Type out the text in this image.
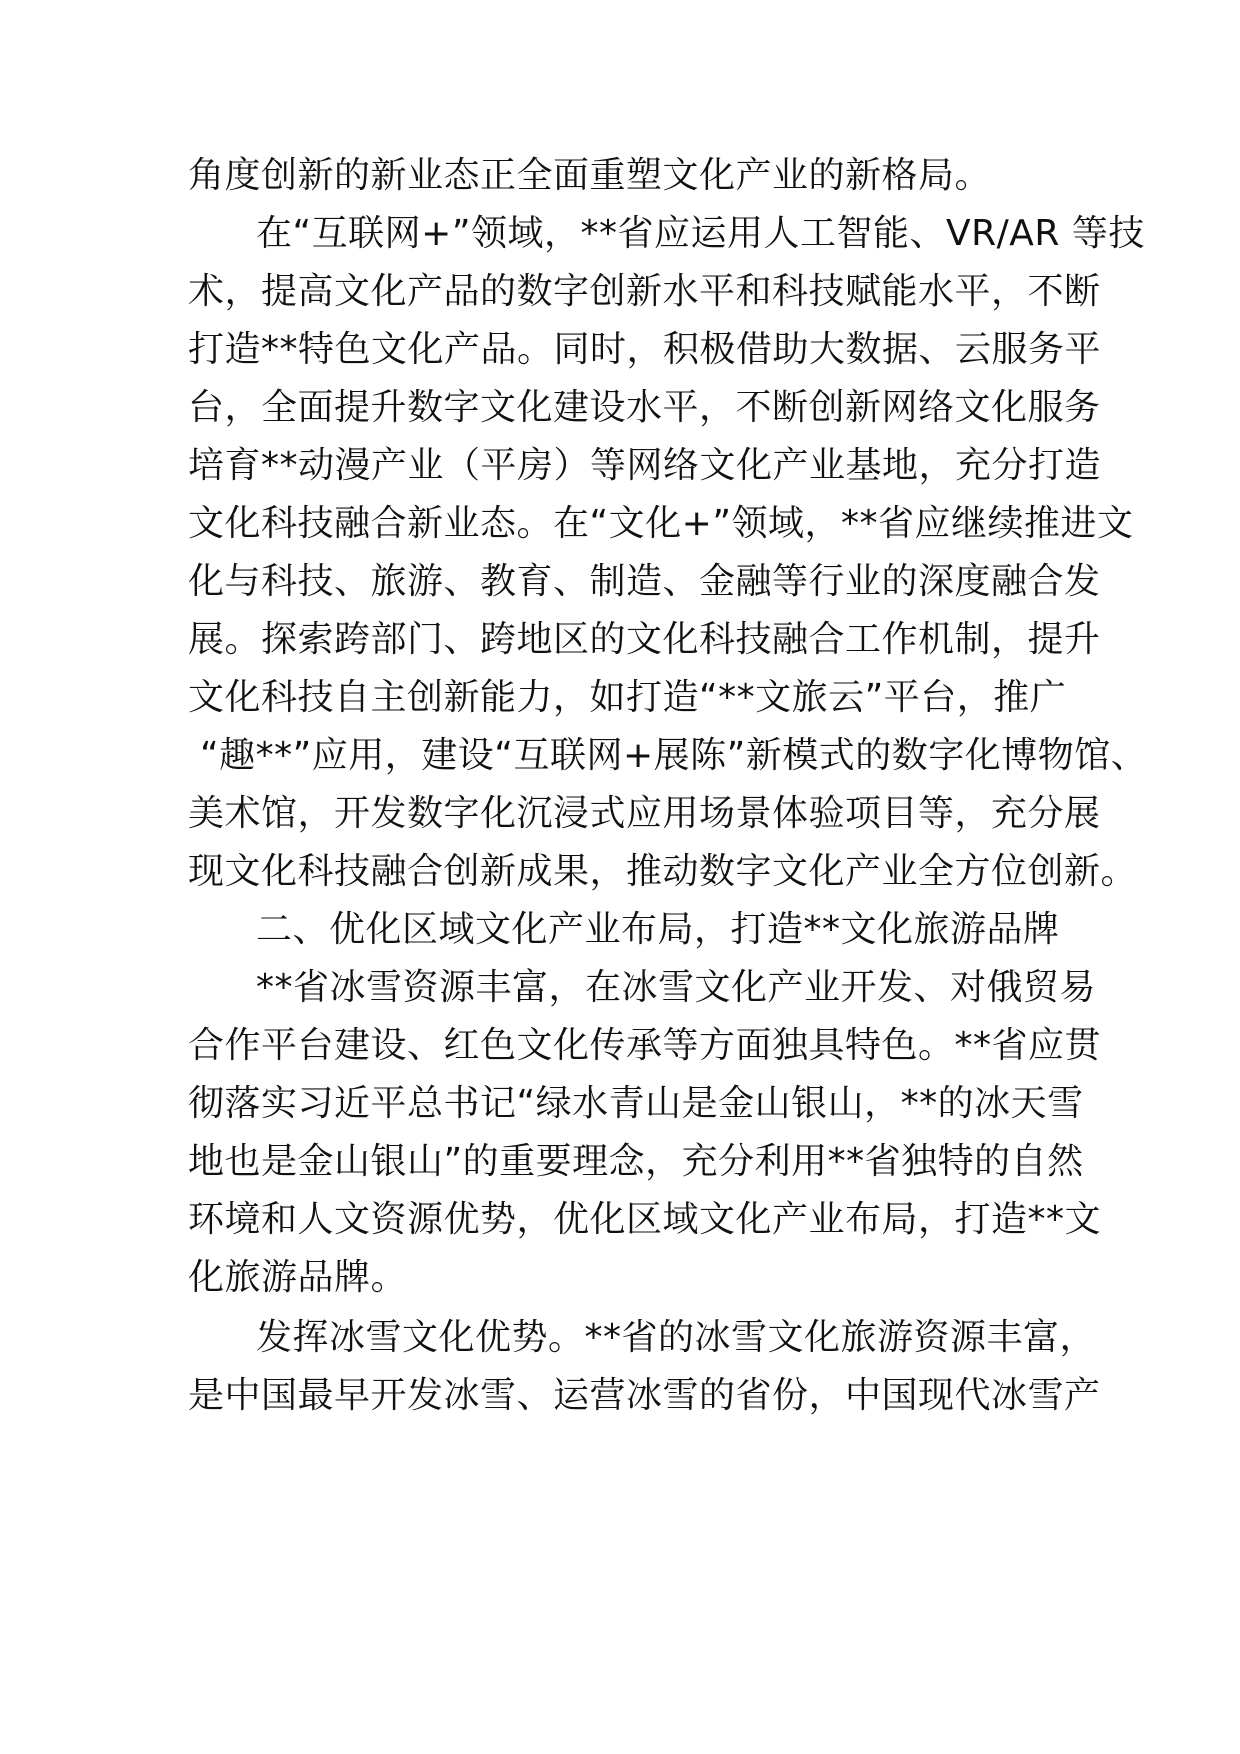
角度创新的新业态正全面重塑文化产业的新格局。
在“互联网+”领域，**省应运用人工智能、VR/AR 等技
术，提高文化产品的数字创新水平和科技赋能水平，不断
打造**特色文化产品。同时，积极借助大数据、云服务平
台，全面提升数字文化建设水平，不断创新网络文化服务
培育**动漫产业（平房）等网络文化产业基地，充分打造
文化科技融合新业态。在“文化+”领域，**省应继续推进文
化与科技、旅游、教育、制造、金融等行业的深度融合发
展。探索跨部门、跨地区的文化科技融合工作机制，提升
文化科技自主创新能力，如打造“**文旅云”平台，推广
“趣**”应用，建设“互联网+展陈”新模式的数字化博物馆、
美术馆，开发数字化沉浸式应用场景体验项目等，充分展
现文化科技融合创新成果，推动数字文化产业全方位创新。
二、优化区域文化产业布局，打造**文化旅游品牌
**省冰雪资源丰富，在冰雪文化产业开发、对俄贸易
合作平台建设、红色文化传承等方面独具特色。**省应贯
彻落实习近平总书记“绿水青山是金山银山，**的冰天雪
地也是金山银山”的重要理念，充分利用**省独特的自然
环境和人文资源优势，优化区域文化产业布局，打造**文
化旅游品牌。
发挥冰雪文化优势。**省的冰雪文化旅游资源丰富，
是中国最早开发冰雪、运营冰雪的省份，中国现代冰雪产
